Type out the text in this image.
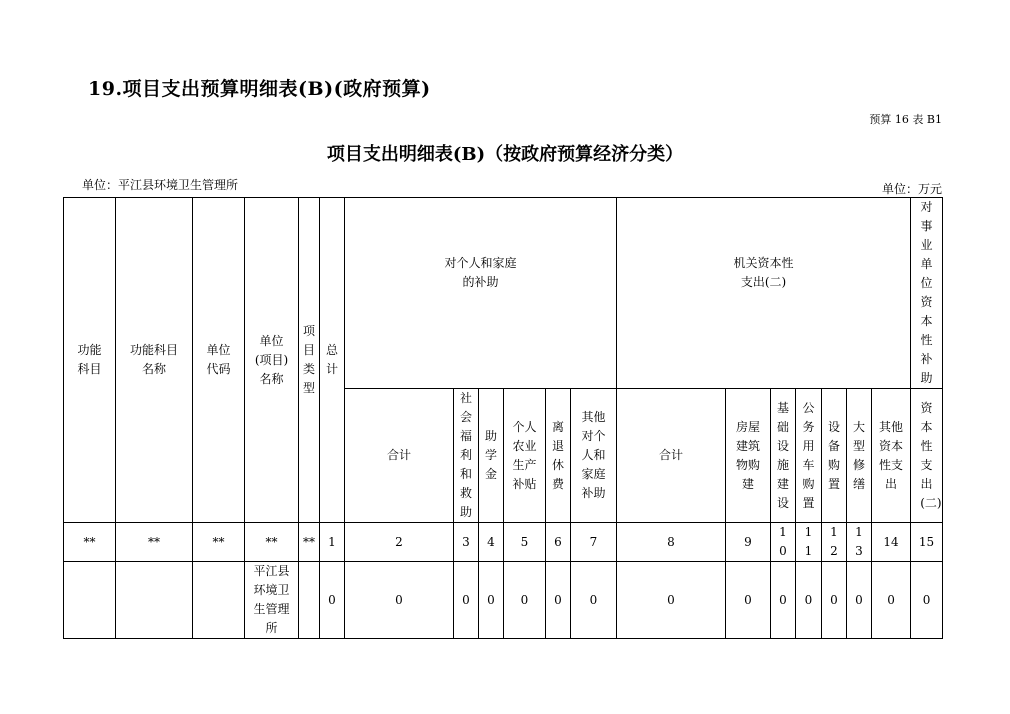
19.项目支出预算明细表(B)(政府预算)
预算 16 表 B1
项目支出明细表(B)（按政府预算经济分类）
单位：平江县环境卫生管理所	单位：万元
功能科目	功能科目名称	单位代码	单位(项目)名称	项目类型	总计	对个人和家庭的补助						机关资本性支出(二)							对事业单位资本性补助
						合计	社会福利和救助	助学金	个人农业生产补贴	离退休费	其他对个人和家庭补助	合计	房屋建筑物购建	基础设施建设	公务用车购置	设备购置	大型修缮	其他资本性支出	资本性支出(二)
**	**	**	**	**	1	2	3	4	5	6	7	8	9	10	11	12	13	14	15
			平江县环境卫生管理所		0	0	0	0	0	0	0	0	0	0	0	0	0	0	0
